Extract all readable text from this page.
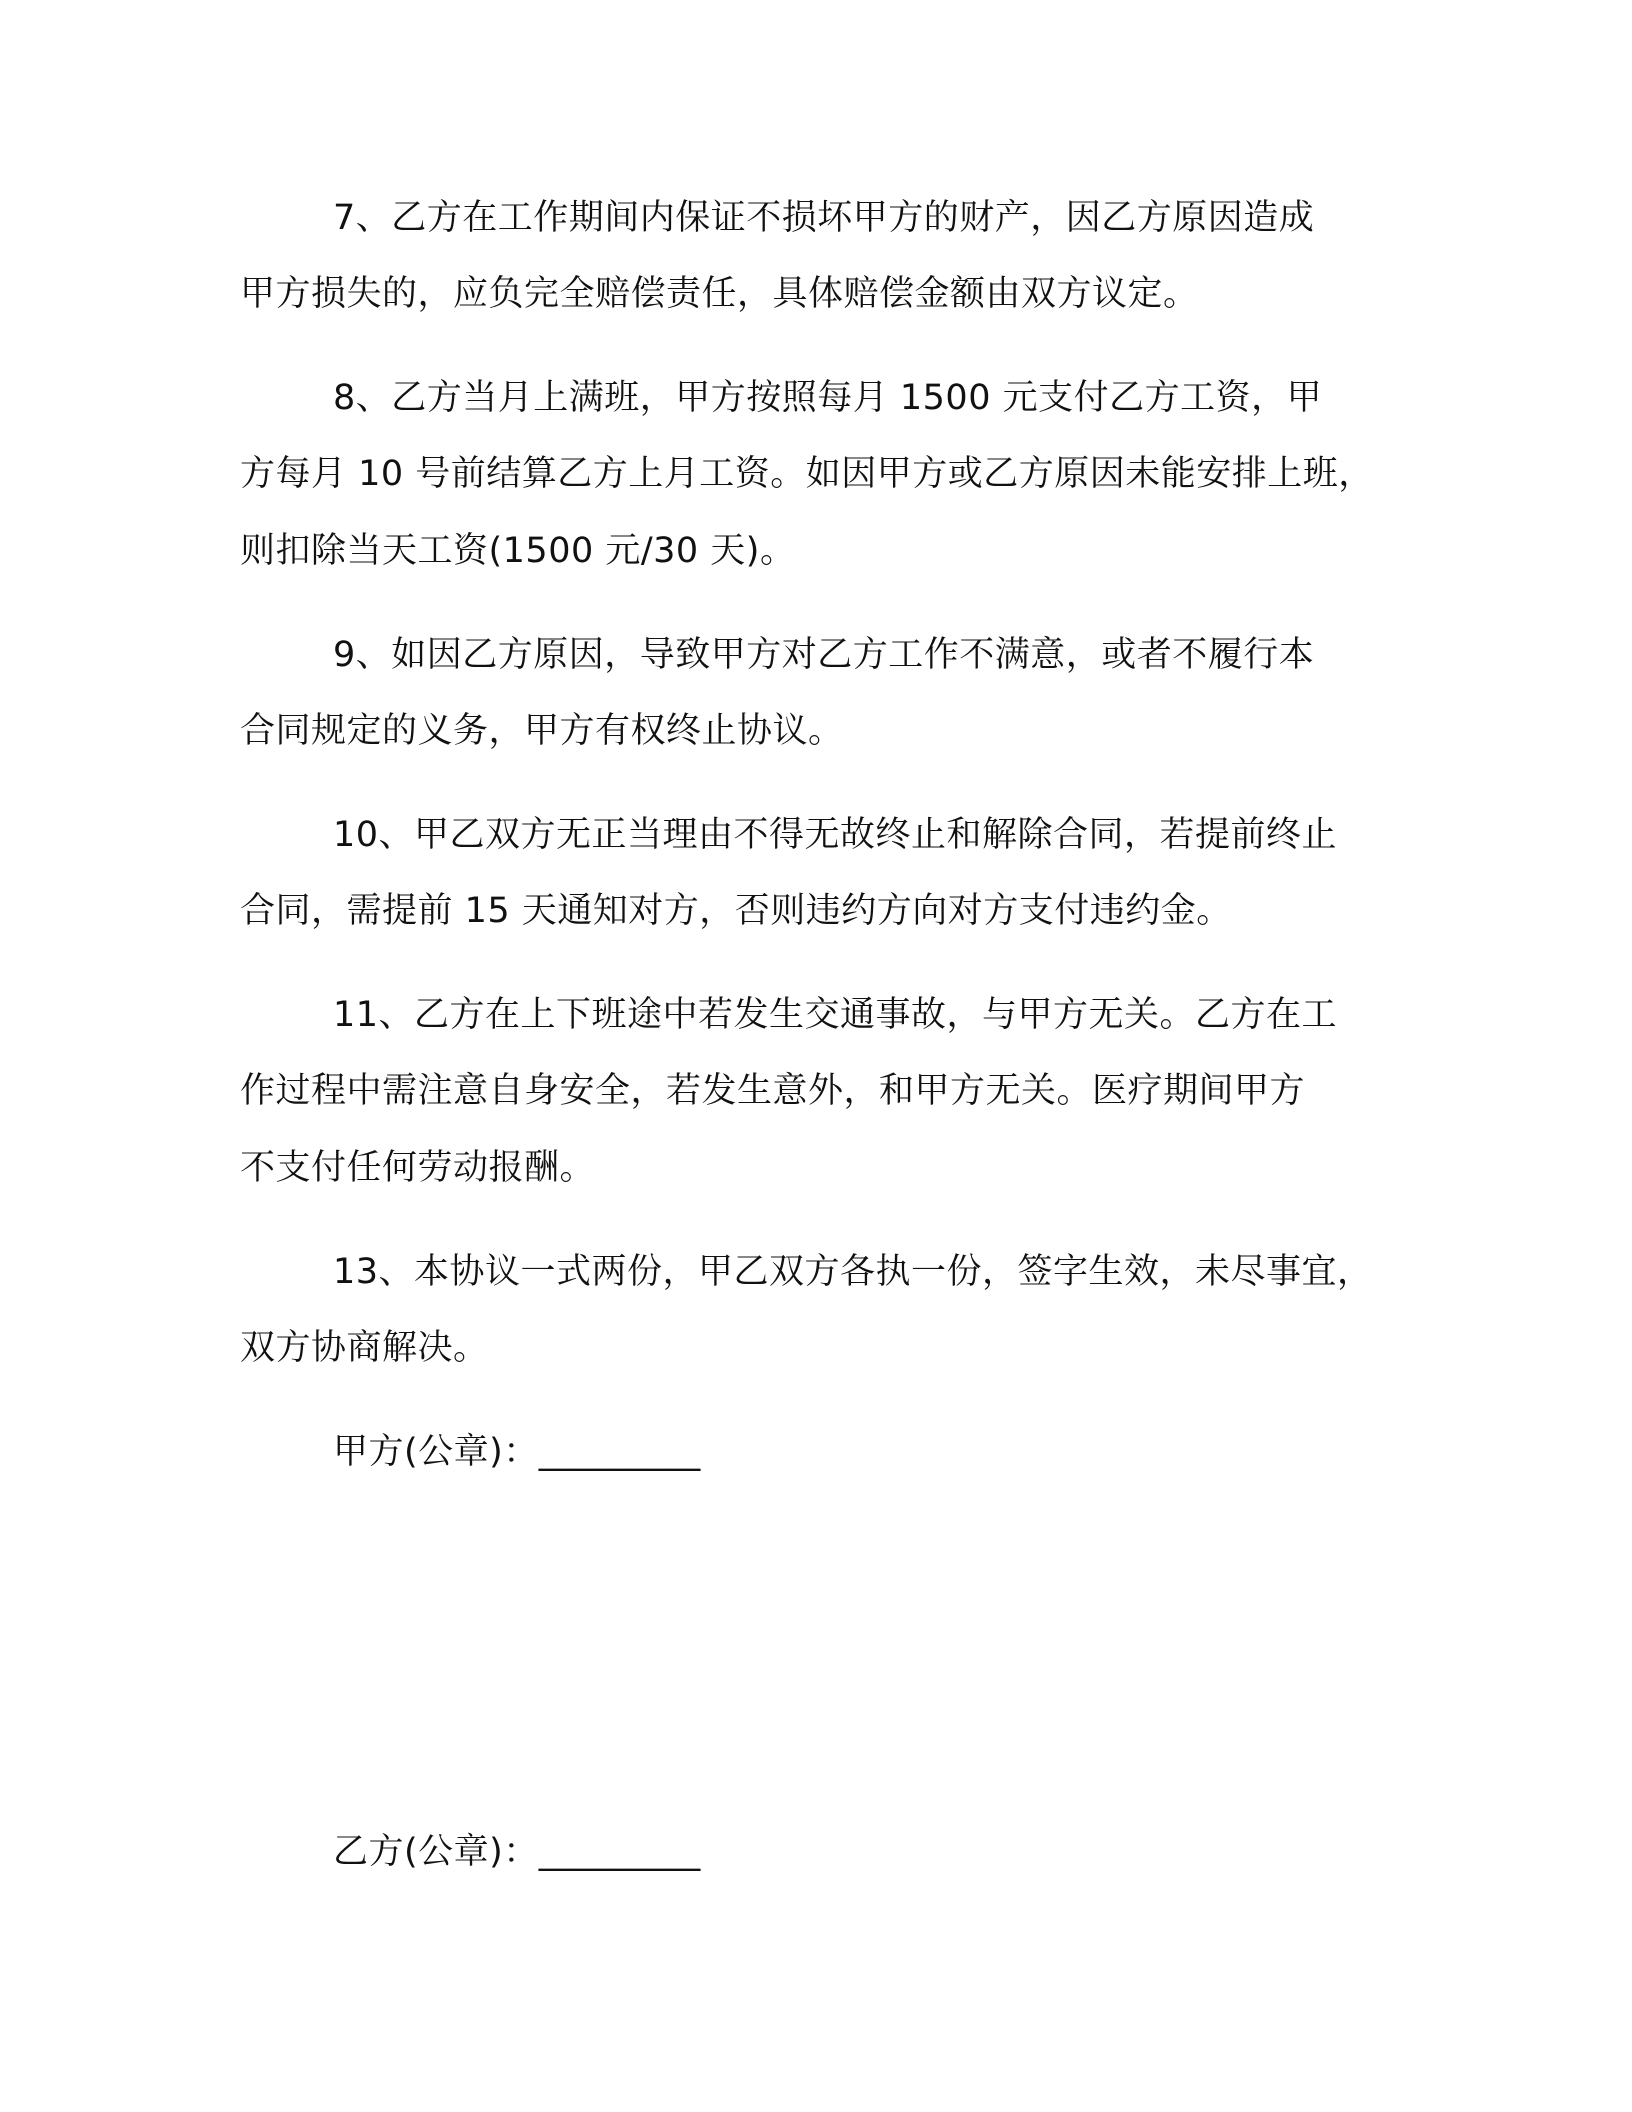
7、乙方在工作期间内保证不损坏甲方的财产，因乙方原因造成
甲方损失的，应负完全赔偿责任，具体赔偿金额由双方议定。
8、乙方当月上满班，甲方按照每月 1500 元支付乙方工资，甲
方每月 10 号前结算乙方上月工资。如因甲方或乙方原因未能安排上班，
则扣除当天工资(1500 元/30 天)。
9、如因乙方原因，导致甲方对乙方工作不满意，或者不履行本
合同规定的义务，甲方有权终止协议。
10、甲乙双方无正当理由不得无故终止和解除合同，若提前终止
合同，需提前 15 天通知对方，否则违约方向对方支付违约金。
11、乙方在上下班途中若发生交通事故，与甲方无关。乙方在工
作过程中需注意自身安全，若发生意外，和甲方无关。医疗期间甲方
不支付任何劳动报酬。
13、本协议一式两份，甲乙双方各执一份，签字生效，未尽事宜，
双方协商解决。
甲方(公章)：_________
乙方(公章)：_________
